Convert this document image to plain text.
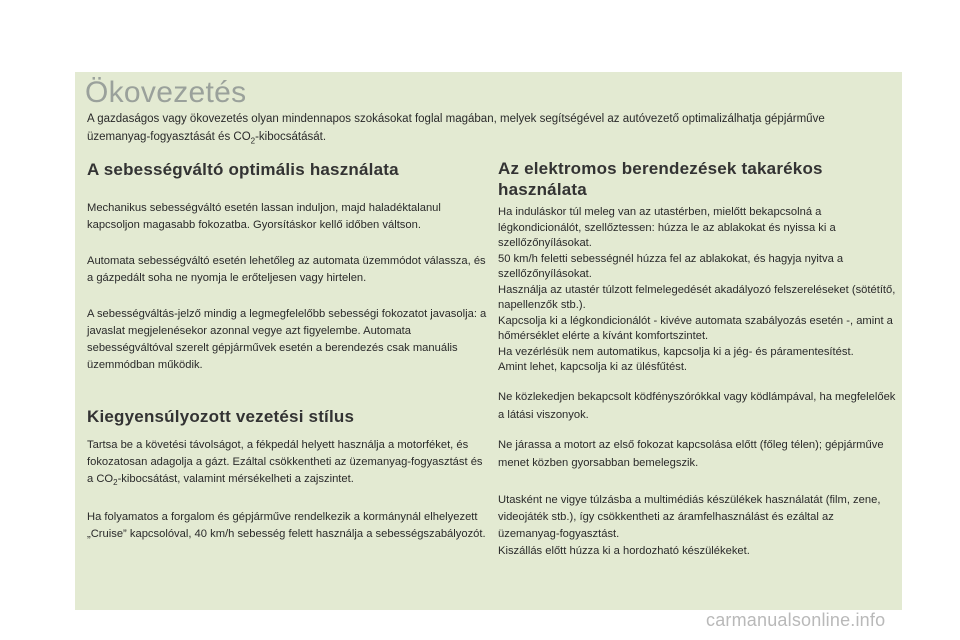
Ökovezetés

A gazdaságos vagy ökovezetés olyan mindennapos szokásokat foglal magában, melyek segítségével az autóvezető optimalizálhatja gépjárműve üzemanyag-fogyasztását és $CO_2$-kibocsátását.

A sebességváltó optimális használata

Mechanikus sebességváltó esetén lassan induljon, majd haladéktalanul kapcsoljon magasabb fokozatba. Gyorsításkor kellő időben váltson.

Automata sebességváltó esetén lehetőleg az automata üzemmódot válassza, és a gázpedált soha ne nyomja le erőteljesen vagy hirtelen.

A sebességváltás-jelző mindig a legmegfelelőbb sebességi fokozatot javasolja: a javaslat megjelenésekor azonnal vegye azt figyelembe. Automata sebességváltóval szerelt gépjárművek esetén a berendezés csak manuális üzemmódban működik.

Kiegyensúlyozott vezetési stílus

Tartsa be a követési távolságot, a fékpedál helyett használja a motorféket, és fokozatosan adagolja a gázt. Ezáltal csökkentheti az üzemanyag-fogyasztást és a $CO_2$-kibocsátást, valamint mérsékelheti a zajszintet.

Ha folyamatos a forgalom és gépjárműve rendelkezik a kormánynál elhelyezett „Cruise” kapcsolóval, 40 km/h sebesség felett használja a sebességszabályozót.

Az elektromos berendezések takarékos használata

Ha induláskor túl meleg van az utastérben, mielőtt bekapcsolná a légkondicionálót, szellőztessen: húzza le az ablakokat és nyissa ki a szellőzőnyílásokat.

50 km/h feletti sebességnél húzza fel az ablakokat, és hagyja nyitva a szellőzőnyílásokat.

Használja az utastér túlzott felmelegedését akadályozó felszereléseket (sötétítő, napellenzők stb.).

Kapcsolja ki a légkondicionálót - kivéve automata szabályozás esetén -, amint a hőmérséklet elérte a kívánt komfortszintet.

Ha vezérlésük nem automatikus, kapcsolja ki a jég- és páramentesítést.

Amint lehet, kapcsolja ki az ülésfűtést.

Ne közlekedjen bekapcsolt ködfényszórókkal vagy ködlámpával, ha megfelelőek a látási viszonyok.

Ne járassa a motort az első fokozat kapcsolása előtt (főleg télen); gépjárműve menet közben gyorsabban bemelegszik.

Utasként ne vigye túlzásba a multimédiás készülékek használatát (film, zene, videojáték stb.), így csökkentheti az áramfelhasználást és ezáltal az üzemanyag-fogyasztást.

Kiszállás előtt húzza ki a hordozható készülékeket.

carmanualsonline.info
